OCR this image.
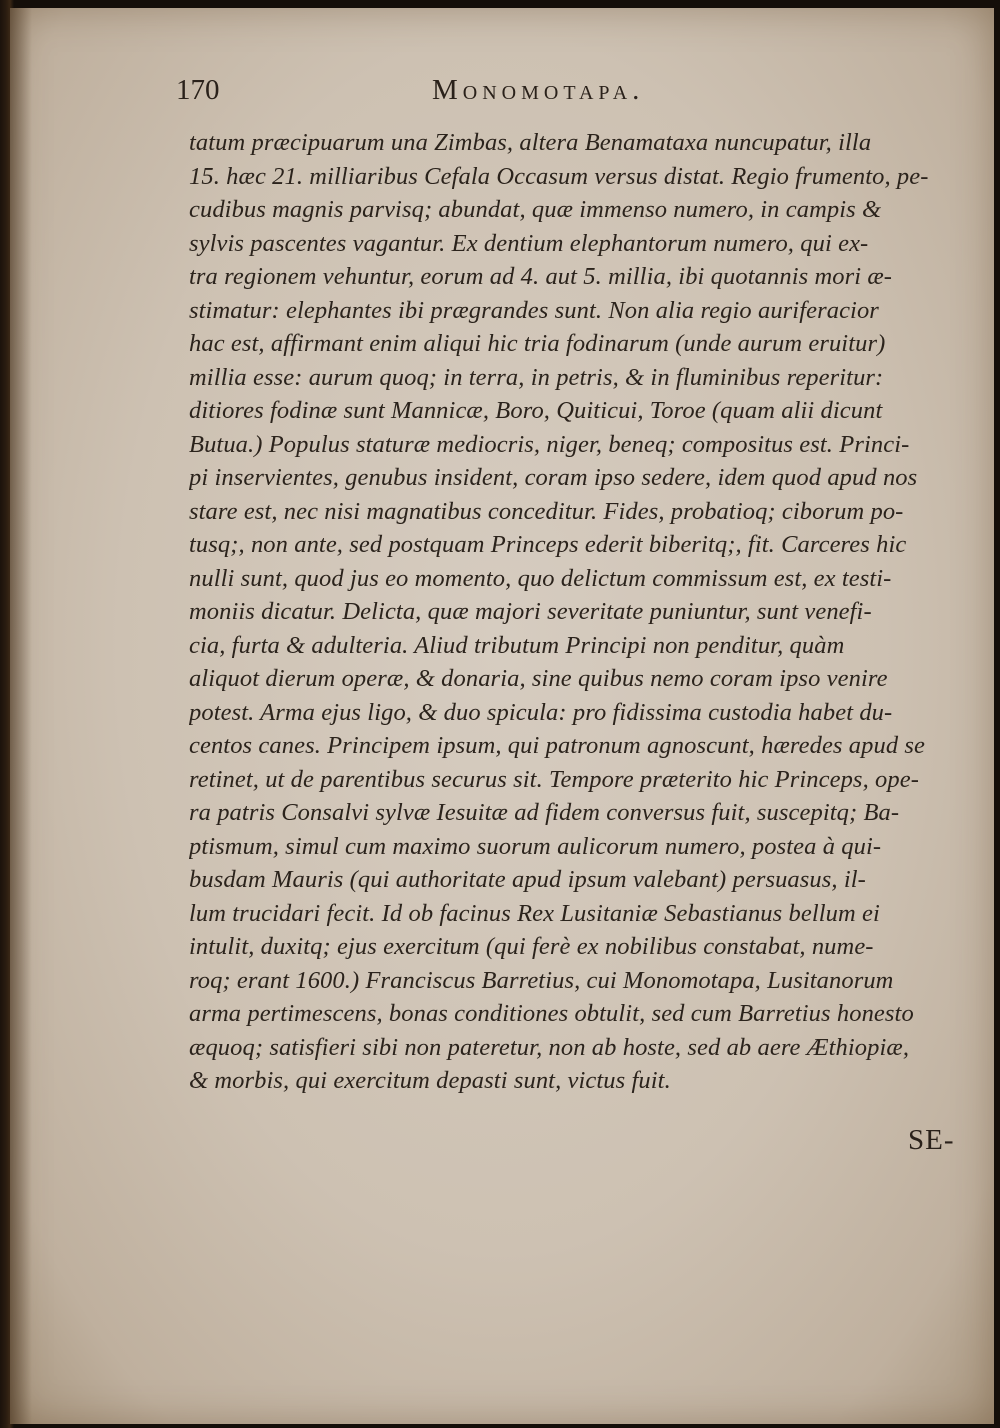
170	Monomotapa.
tatum præcipuarum una Zimbas, altera Benamataxa nuncupatur, illa
15. hæc 21. milliaribus Cefala Occasum versus distat. Regio frumento, pe-
cudibus magnis parvisq; abundat, quæ immenso numero, in campis &
sylvis pascentes vagantur. Ex dentium elephantorum numero, qui ex-
tra regionem vehuntur, eorum ad 4. aut 5. millia, ibi quotannis mori æ-
stimatur: elephantes ibi prægrandes sunt. Non alia regio auriferacior
hac est, affirmant enim aliqui hic tria fodinarum (unde aurum eruitur)
millia esse: aurum quoq; in terra, in petris, & in fluminibus reperitur:
ditiores fodinæ sunt Mannicæ, Boro, Quiticui, Toroe (quam alii dicunt
Butua.) Populus staturæ mediocris, niger, beneq; compositus est. Princi-
pi inservientes, genubus insident, coram ipso sedere, idem quod apud nos
stare est, nec nisi magnatibus conceditur. Fides, probatioq; ciborum po-
tusq;, non ante, sed postquam Princeps ederit biberitq;, fit. Carceres hic
nulli sunt, quod jus eo momento, quo delictum commissum est, ex testi-
moniis dicatur. Delicta, quæ majori severitate puniuntur, sunt venefi-
cia, furta & adulteria. Aliud tributum Principi non penditur, quàm
aliquot dierum operæ, & donaria, sine quibus nemo coram ipso venire
potest. Arma ejus ligo, & duo spicula: pro fidissima custodia habet du-
centos canes. Principem ipsum, qui patronum agnoscunt, hæredes apud se
retinet, ut de parentibus securus sit. Tempore præterito hic Princeps, ope-
ra patris Consalvi sylvæ Iesuitæ ad fidem conversus fuit, suscepitq; Ba-
ptismum, simul cum maximo suorum aulicorum numero, postea à qui-
busdam Mauris (qui authoritate apud ipsum valebant) persuasus, il-
lum trucidari fecit. Id ob facinus Rex Lusitaniæ Sebastianus bellum ei
intulit, duxitq; ejus exercitum (qui ferè ex nobilibus constabat, nume-
roq; erant 1600.) Franciscus Barretius, cui Monomotapa, Lusitanorum
arma pertimescens, bonas conditiones obtulit, sed cum Barretius honesto
æquoq; satisfieri sibi non pateretur, non ab hoste, sed ab aere Æthiopiæ,
& morbis, qui exercitum depasti sunt, victus fuit.
SE-
